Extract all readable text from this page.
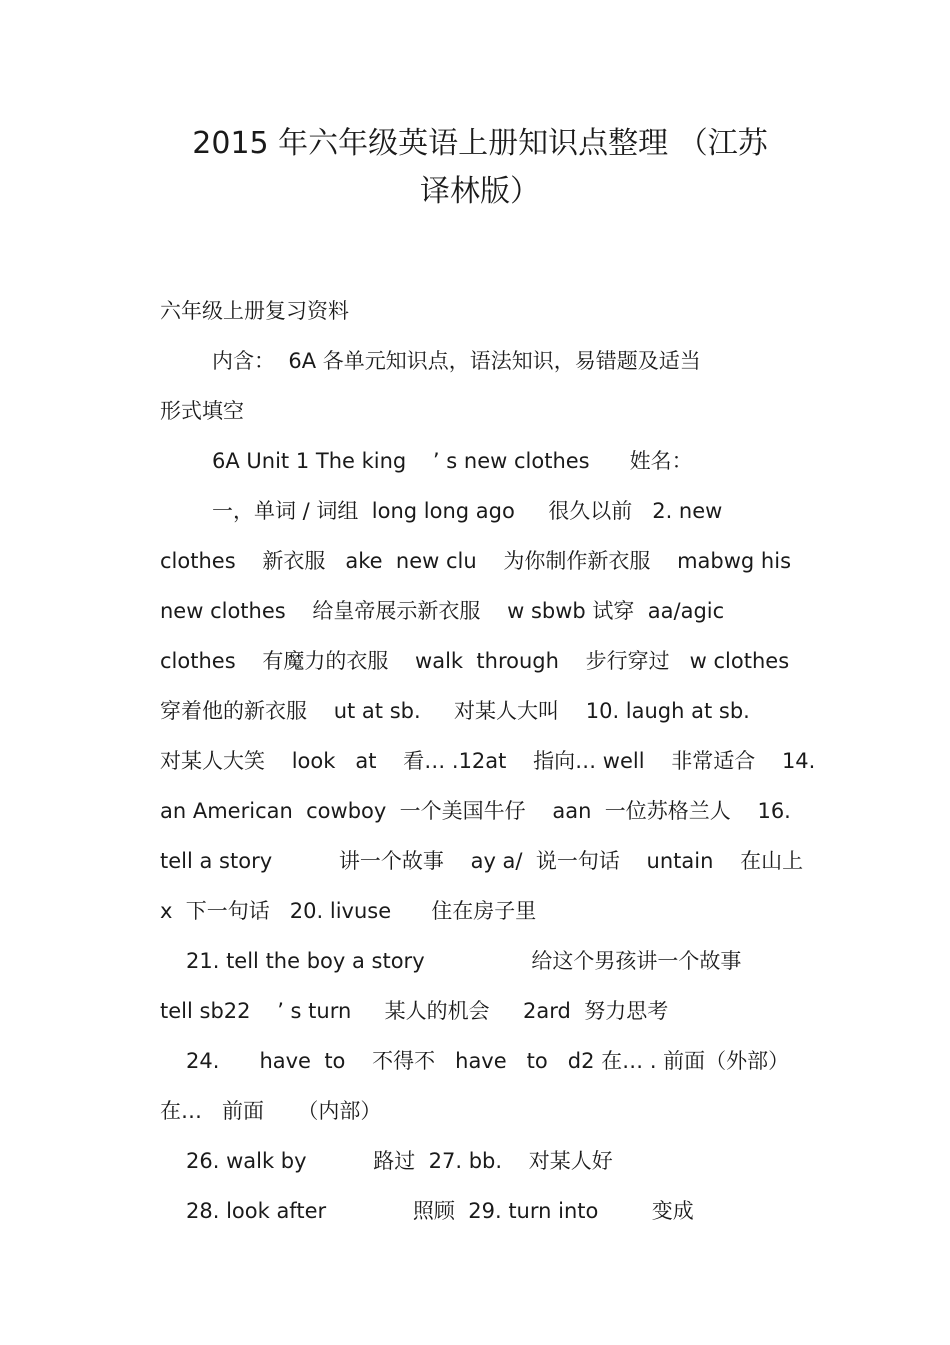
2015 年六年级英语上册知识点整理 （江苏
译林版）
六年级上册复习资料
内含：  6A 各单元知识点，语法知识，易错题及适当
形式填空
6A Unit 1 The king    ’ s new clothes      姓名：
一，单词 / 词组  long long ago     很久以前   2. new
clothes    新衣服   ake  new clu    为你制作新衣服    mabwg his
new clothes    给皇帝展示新衣服    w sbwb 试穿  aa/agic
clothes    有魔力的衣服    walk  through    步行穿过   w clothes
穿着他的新衣服    ut at sb.     对某人大叫    10. laugh at sb.
对某人大笑    look   at    看… .12at    指向… well    非常适合    14.
an American  cowboy  一个美国牛仔    aan  一位苏格兰人    16.
tell a story          讲一个故事    ay a/  说一句话    untain    在山上
x  下一句话   20. livuse      住在房子里
21. tell the boy a story                给这个男孩讲一个故事
tell sb22    ’ s turn     某人的机会     2ard  努力思考
24.      have  to    不得不   have   to   d2 在… . 前面（外部）
在…   前面     （内部）
26. walk by          路过  27. bb.    对某人好
28. look after             照顾  29. turn into        变成
